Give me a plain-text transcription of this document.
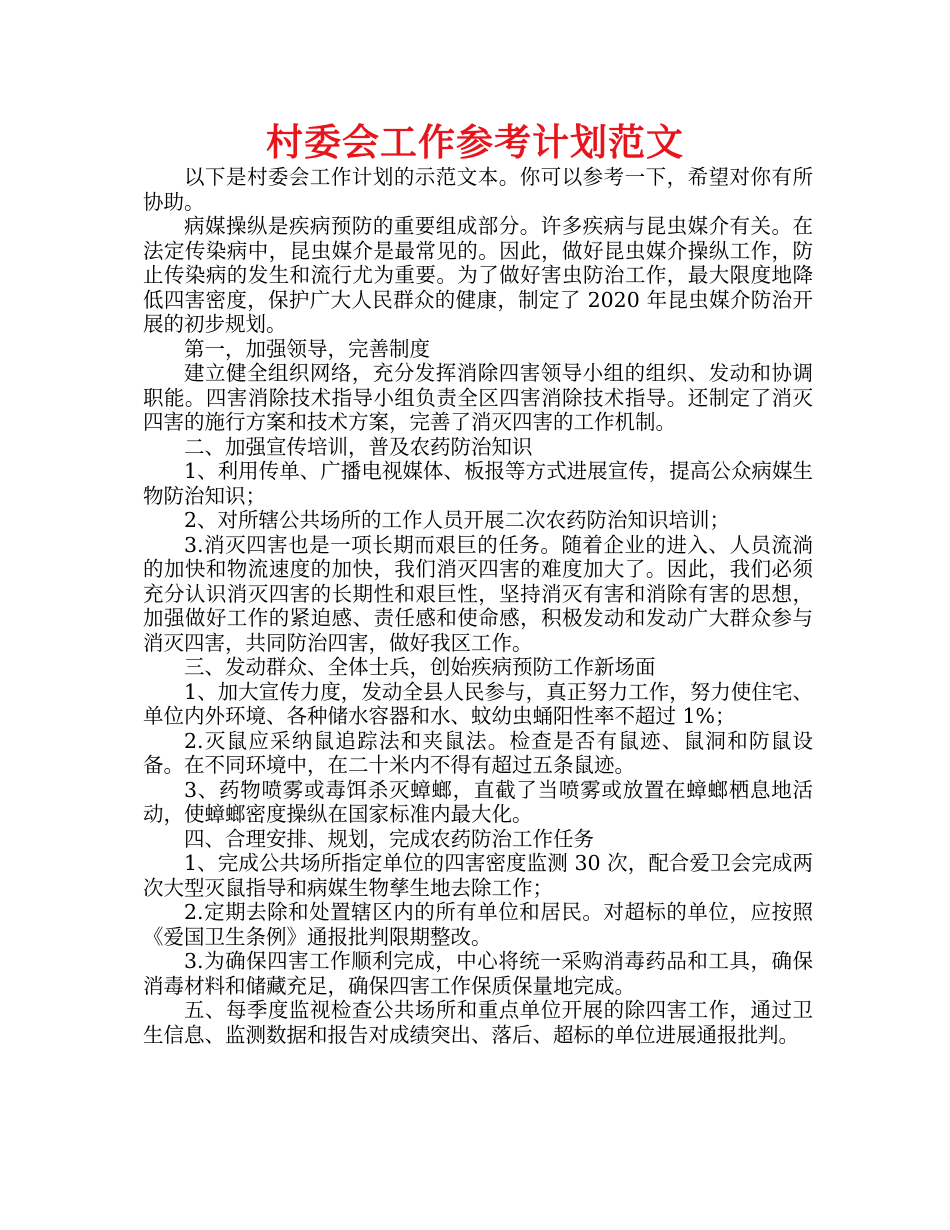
村委会工作参考计划范文

以下是村委会工作计划的示范文本。你可以参考一下，希望对你有所协助。

病媒操纵是疾病预防的重要组成部分。许多疾病与昆虫媒介有关。在法定传染病中，昆虫媒介是最常见的。因此，做好昆虫媒介操纵工作，防止传染病的发生和流行尤为重要。为了做好害虫防治工作，最大限度地降低四害密度，保护广大人民群众的健康，制定了 2020 年昆虫媒介防治开展的初步规划。

第一，加强领导，完善制度

建立健全组织网络，充分发挥消除四害领导小组的组织、发动和协调职能。四害消除技术指导小组负责全区四害消除技术指导。还制定了消灭四害的施行方案和技术方案，完善了消灭四害的工作机制。

二、加强宣传培训，普及农药防治知识

1、利用传单、广播电视媒体、板报等方式进展宣传，提高公众病媒生物防治知识；

2、对所辖公共场所的工作人员开展二次农药防治知识培训；

3.消灭四害也是一项长期而艰巨的任务。随着企业的进入、人员流淌的加快和物流速度的加快，我们消灭四害的难度加大了。因此，我们必须充分认识消灭四害的长期性和艰巨性，坚持消灭有害和消除有害的思想，加强做好工作的紧迫感、责任感和使命感，积极发动和发动广大群众参与消灭四害，共同防治四害，做好我区工作。

三、发动群众、全体士兵，创始疾病预防工作新场面

1、加大宣传力度，发动全县人民参与，真正努力工作，努力使住宅、单位内外环境、各种储水容器和水、蚊幼虫蛹阳性率不超过 1%；

2.灭鼠应采纳鼠追踪法和夹鼠法。检查是否有鼠迹、鼠洞和防鼠设备。在不同环境中，在二十米内不得有超过五条鼠迹。

3、药物喷雾或毒饵杀灭蟑螂，直截了当喷雾或放置在蟑螂栖息地活动，使蟑螂密度操纵在国家标准内最大化。

四、合理安排、规划，完成农药防治工作任务

1、完成公共场所指定单位的四害密度监测 30 次，配合爱卫会完成两次大型灭鼠指导和病媒生物孳生地去除工作；

2.定期去除和处置辖区内的所有单位和居民。对超标的单位，应按照《爱国卫生条例》通报批判限期整改。

3.为确保四害工作顺利完成，中心将统一采购消毒药品和工具，确保消毒材料和储藏充足，确保四害工作保质保量地完成。

五、每季度监视检查公共场所和重点单位开展的除四害工作，通过卫生信息、监测数据和报告对成绩突出、落后、超标的单位进展通报批判。
